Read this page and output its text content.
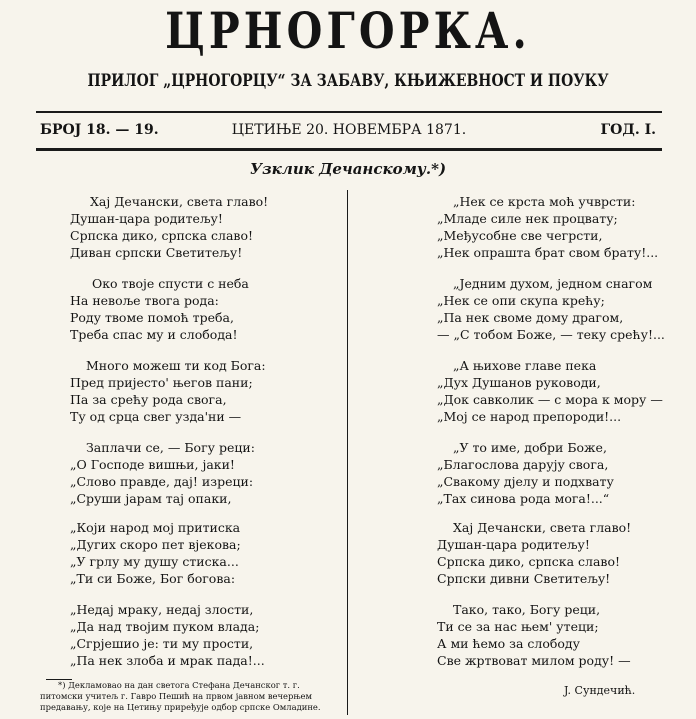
ЦРНОГОРКА.
ПРИЛОГ „ЦРНОГОРЦУ“ ЗА ЗАБАВУ, КЊИЖЕВНОСТ И ПОУКУ
БРОЈ 18. — 19.	ЦЕТИЊЕ 20. НОВЕМБРА 1871.	ГОД. I.
Узклик Дечанскому.*)
Хај Дечански, света главо!
Душан-цара родитељу!
Српска дико, српска славо!
Диван српски Светитељу!
Око твоје спусти с неба
На невоље твога рода:
Роду твоме помоћ треба,
Треба спас му и слобода!
Много можеш ти код Бога:
Пред пријесто' његов пани;
Па за срећу рода свога,
Ту од срца свег узда'ни —
Заплачи се, — Богу реци:
„О Господе вишњи, јаки!
„Слово правде, дај! изреци:
„Сруши јарам тај опаки,
„Који народ мој притиска
„Дугих скоро пет вјекова;
„У грлу му душу стиска...
„Ти си Боже, Бог богова:
„Недај мраку, недај злости,
„Да над твојим пуком влада;
„Сгрјешио је: ти му прости,
„Па нек злоба и мрак пада!...
„Нек се крста моћ учврсти:
„Младе силе нек процвату;
„Међусобне све чегрсти,
„Нек опрашта брат свом брату!...
„Једним духом, једном снагом
„Нек се опи скупа крећу;
„Па нек своме дому драгом,
— „С тобом Боже, — теку срећу!...
„А њихове главе пека
„Дух Душанов руководи,
„Док савколик — с мора к мору —
„Мој се народ препороди!...
„У то име, добри Боже,
„Благослова дарују свога,
„Свакому дјелу и подхвату
„Тах синова рода мога!...“
Хај Дечански, света главо!
Душан-цара родитељу!
Српска дико, српска славо!
Српски дивни Светитељу!
Тако, тако, Богу реци,
Ти се за нас њем' утеци;
А ми ћемо за слободу
Све жртвоват милом роду! —
*) Декламовао на дан светога Стефана Дечанског т. г.
питомски учитељ г. Гавро Пешић на првом јавном вечерњем
предавању, које на Цетињу приређује одбор српске Омладине.
J. Сундечић.
